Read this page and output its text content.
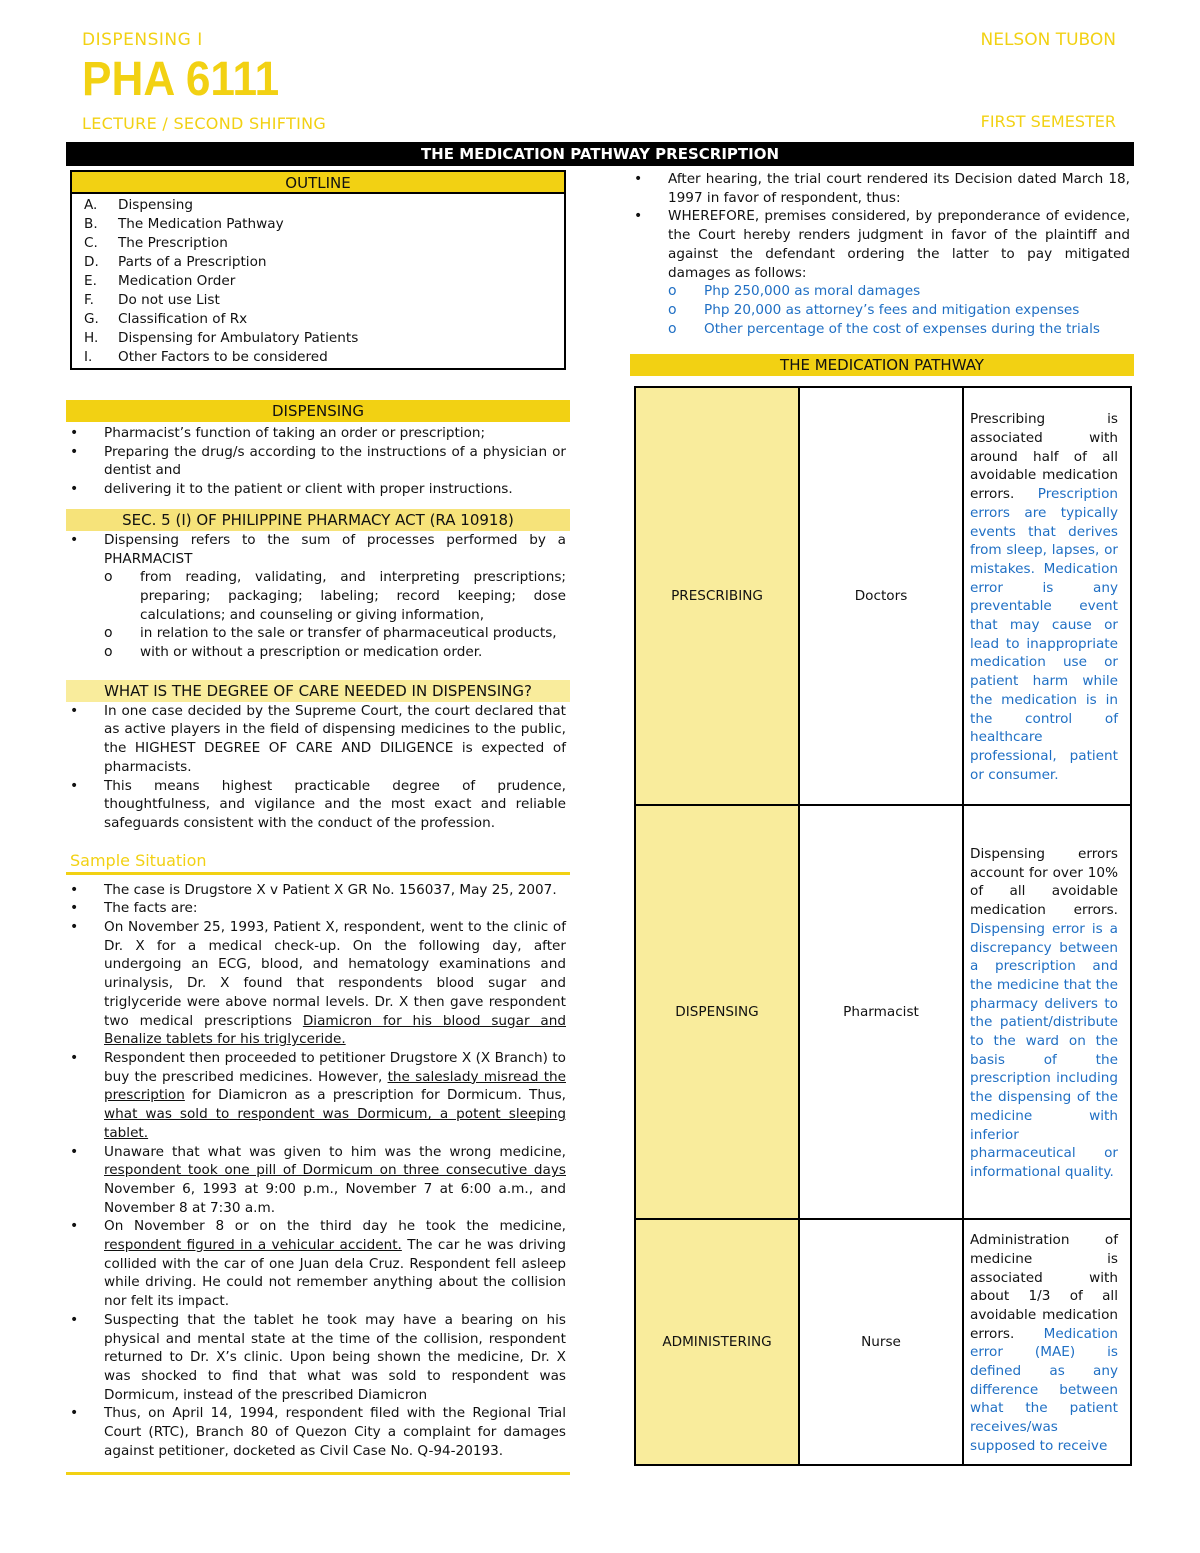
DISPENSING I
PHA 6111
LECTURE / SECOND SHIFTING
NELSON TUBON
FIRST SEMESTER
THE MEDICATION PATHWAY PRESCRIPTION
OUTLINE
A.	Dispensing
B.	The Medication Pathway
C.	The Prescription
D.	Parts of a Prescription
E.	Medication Order
F.	Do not use List
G.	Classification of Rx
H.	Dispensing for Ambulatory Patients
I.	Other Factors to be considered
DISPENSING
• Pharmacist’s function of taking an order or prescription;
• Preparing the drug/s according to the instructions of a physician or dentist and
• delivering it to the patient or client with proper instructions.
SEC. 5 (I) OF PHILIPPINE PHARMACY ACT (RA 10918)
• Dispensing refers to the sum of processes performed by a PHARMACIST
o from reading, validating, and interpreting prescriptions; preparing; packaging; labeling; record keeping; dose calculations; and counseling or giving information,
o in relation to the sale or transfer of pharmaceutical products,
o with or without a prescription or medication order.
WHAT IS THE DEGREE OF CARE NEEDED IN DISPENSING?
• In one case decided by the Supreme Court, the court declared that as active players in the field of dispensing medicines to the public, the HIGHEST DEGREE OF CARE AND DILIGENCE is expected of pharmacists.
• This means highest practicable degree of prudence, thoughtfulness, and vigilance and the most exact and reliable safeguards consistent with the conduct of the profession.
Sample Situation
• The case is Drugstore X v Patient X GR No. 156037, May 25, 2007.
• The facts are:
• On November 25, 1993, Patient X, respondent, went to the clinic of Dr. X for a medical check-up. On the following day, after undergoing an ECG, blood, and hematology examinations and urinalysis, Dr. X found that respondents blood sugar and triglyceride were above normal levels. Dr. X then gave respondent two medical prescriptions Diamicron for his blood sugar and Benalize tablets for his triglyceride.
• Respondent then proceeded to petitioner Drugstore X (X Branch) to buy the prescribed medicines. However, the saleslady misread the prescription for Diamicron as a prescription for Dormicum. Thus, what was sold to respondent was Dormicum, a potent sleeping tablet.
• Unaware that what was given to him was the wrong medicine, respondent took one pill of Dormicum on three consecutive days November 6, 1993 at 9:00 p.m., November 7 at 6:00 a.m., and November 8 at 7:30 a.m.
• On November 8 or on the third day he took the medicine, respondent figured in a vehicular accident. The car he was driving collided with the car of one Juan dela Cruz. Respondent fell asleep while driving. He could not remember anything about the collision nor felt its impact.
• Suspecting that the tablet he took may have a bearing on his physical and mental state at the time of the collision, respondent returned to Dr. X’s clinic. Upon being shown the medicine, Dr. X was shocked to find that what was sold to respondent was Dormicum, instead of the prescribed Diamicron
• Thus, on April 14, 1994, respondent filed with the Regional Trial Court (RTC), Branch 80 of Quezon City a complaint for damages against petitioner, docketed as Civil Case No. Q-94-20193.
• After hearing, the trial court rendered its Decision dated March 18, 1997 in favor of respondent, thus:
• WHEREFORE, premises considered, by preponderance of evidence, the Court hereby renders judgment in favor of the plaintiff and against the defendant ordering the latter to pay mitigated damages as follows:
o Php 250,000 as moral damages
o Php 20,000 as attorney’s fees and mitigation expenses
o Other percentage of the cost of expenses during the trials
THE MEDICATION PATHWAY
PRESCRIBING	Doctors	Prescribing is associated with around half of all avoidable medication errors. Prescription errors are typically events that derives from sleep, lapses, or mistakes. Medication error is any preventable event that may cause or lead to inappropriate medication use or patient harm while the medication is in the control of healthcare professional, patient or consumer.
DISPENSING	Pharmacist	Dispensing errors account for over 10% of all avoidable medication errors. Dispensing error is a discrepancy between a prescription and the medicine that the pharmacy delivers to the patient/distribute to the ward on the basis of the prescription including the dispensing of the medicine with inferior pharmaceutical or informational quality.
ADMINISTERING	Nurse	Administration of medicine is associated with about 1/3 of all avoidable medication errors. Medication error (MAE) is defined as any difference between what the patient receives/was supposed to receive
